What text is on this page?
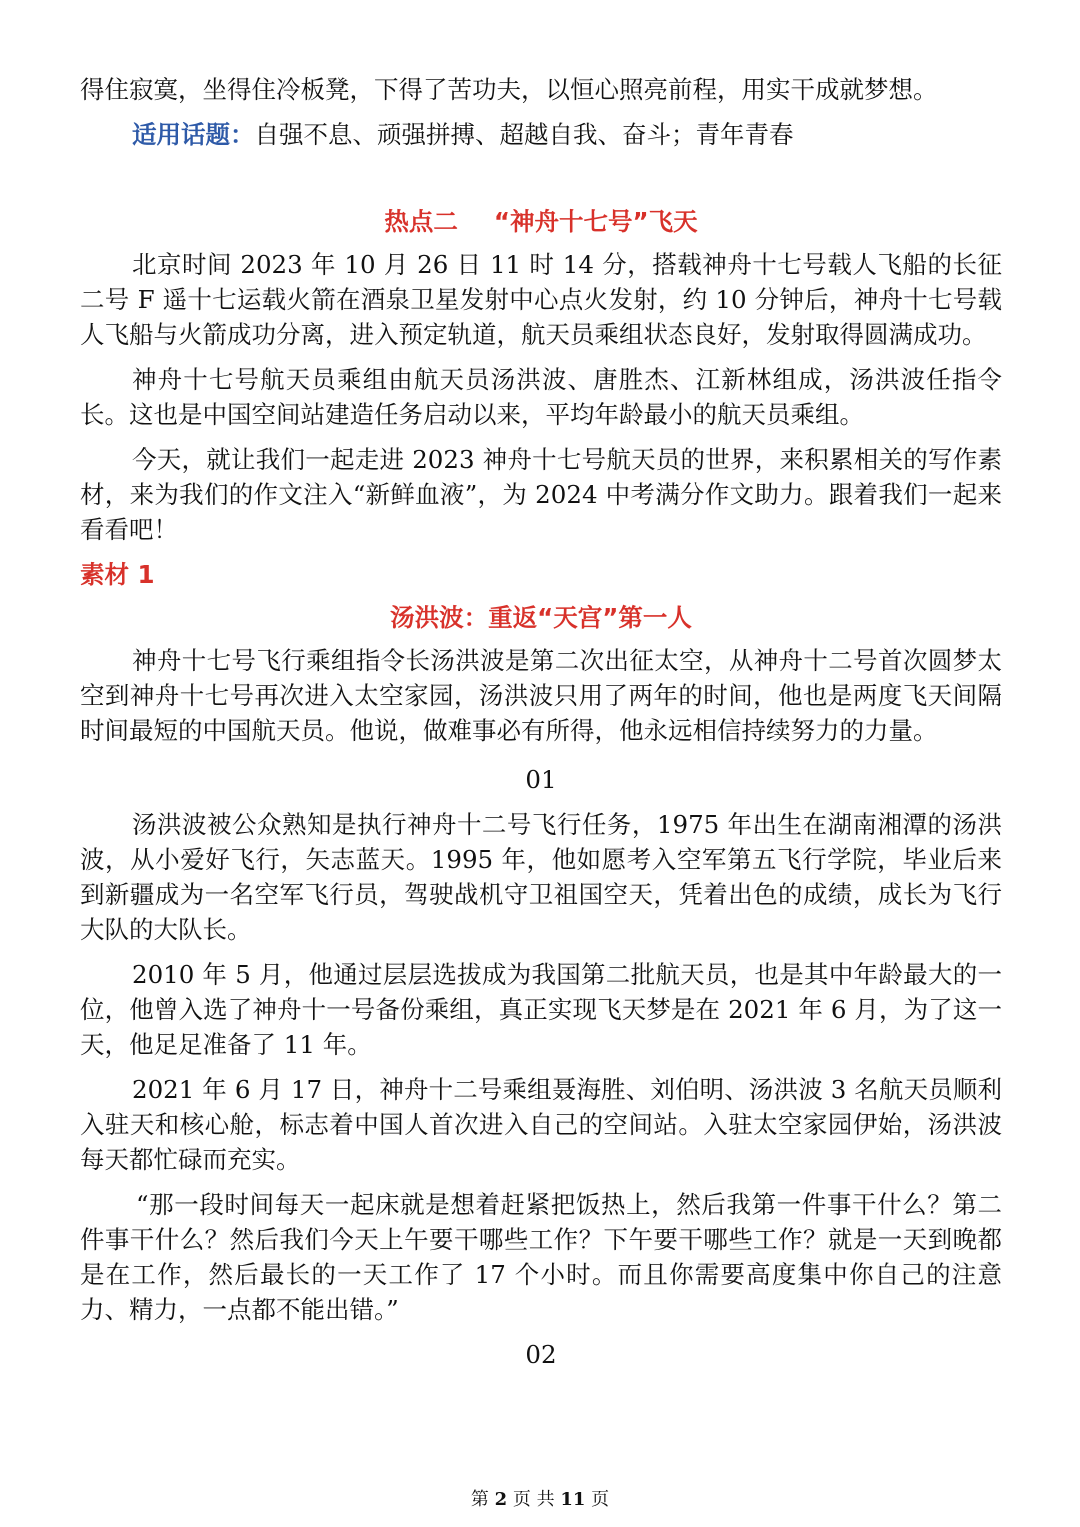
得住寂寞，坐得住冷板凳，下得了苦功夫，以恒心照亮前程，用实干成就梦想。

适用话题：自强不息、顽强拼搏、超越自我、奋斗；青年青春

热点二 “神舟十七号”飞天

北京时间 2023 年 10 月 26 日 11 时 14 分，搭载神舟十七号载人飞船的长征二号 F 遥十七运载火箭在酒泉卫星发射中心点火发射，约 10 分钟后，神舟十七号载人飞船与火箭成功分离，进入预定轨道，航天员乘组状态良好，发射取得圆满成功。

神舟十七号航天员乘组由航天员汤洪波、唐胜杰、江新林组成，汤洪波任指令长。这也是中国空间站建造任务启动以来，平均年龄最小的航天员乘组。

今天，就让我们一起走进 2023 神舟十七号航天员的世界，来积累相关的写作素材，来为我们的作文注入“新鲜血液”，为 2024 中考满分作文助力。跟着我们一起来看看吧！

素材 1
汤洪波：重返“天宫”第一人

神舟十七号飞行乘组指令长汤洪波是第二次出征太空，从神舟十二号首次圆梦太空到神舟十七号再次进入太空家园，汤洪波只用了两年的时间，他也是两度飞天间隔时间最短的中国航天员。他说，做难事必有所得，他永远相信持续努力的力量。

01

汤洪波被公众熟知是执行神舟十二号飞行任务，1975 年出生在湖南湘潭的汤洪波，从小爱好飞行，矢志蓝天。1995 年，他如愿考入空军第五飞行学院，毕业后来到新疆成为一名空军飞行员，驾驶战机守卫祖国空天，凭着出色的成绩，成长为飞行大队的大队长。

2010 年 5 月，他通过层层选拔成为我国第二批航天员，也是其中年龄最大的一位，他曾入选了神舟十一号备份乘组，真正实现飞天梦是在 2021 年 6 月，为了这一天，他足足准备了 11 年。

2021 年 6 月 17 日，神舟十二号乘组聂海胜、刘伯明、汤洪波 3 名航天员顺利入驻天和核心舱，标志着中国人首次进入自己的空间站。入驻太空家园伊始，汤洪波每天都忙碌而充实。

“那一段时间每天一起床就是想着赶紧把饭热上，然后我第一件事干什么？第二件事干什么？然后我们今天上午要干哪些工作？下午要干哪些工作？就是一天到晚都是在工作，然后最长的一天工作了 17 个小时。而且你需要高度集中你自己的注意力、精力，一点都不能出错。”

02
第 2 页 共 11 页
